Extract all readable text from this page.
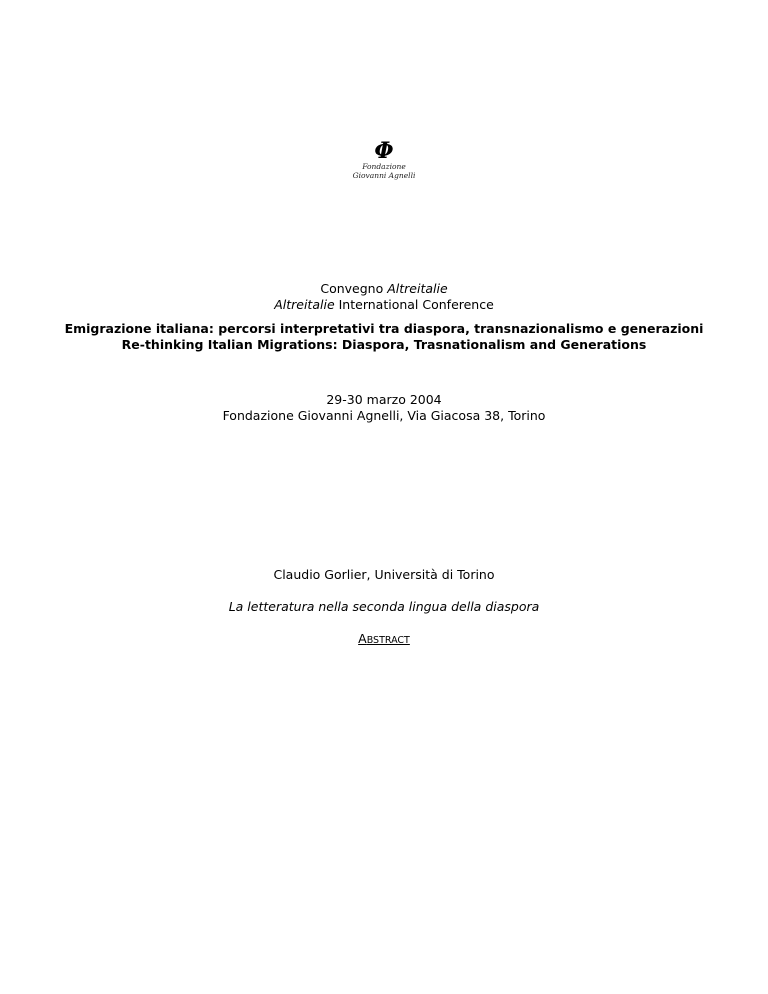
Φ
Fondazione
Giovanni Agnelli
Convegno Altreitalie
Altreitalie International Conference
Emigrazione italiana: percorsi interpretativi tra diaspora, transnazionalismo e generazioni
Re-thinking Italian Migrations: Diaspora, Trasnationalism and Generations
29-30 marzo 2004
Fondazione Giovanni Agnelli, Via Giacosa 38, Torino
Claudio Gorlier, Università di Torino
La letteratura nella seconda lingua della diaspora
ABSTRACT
